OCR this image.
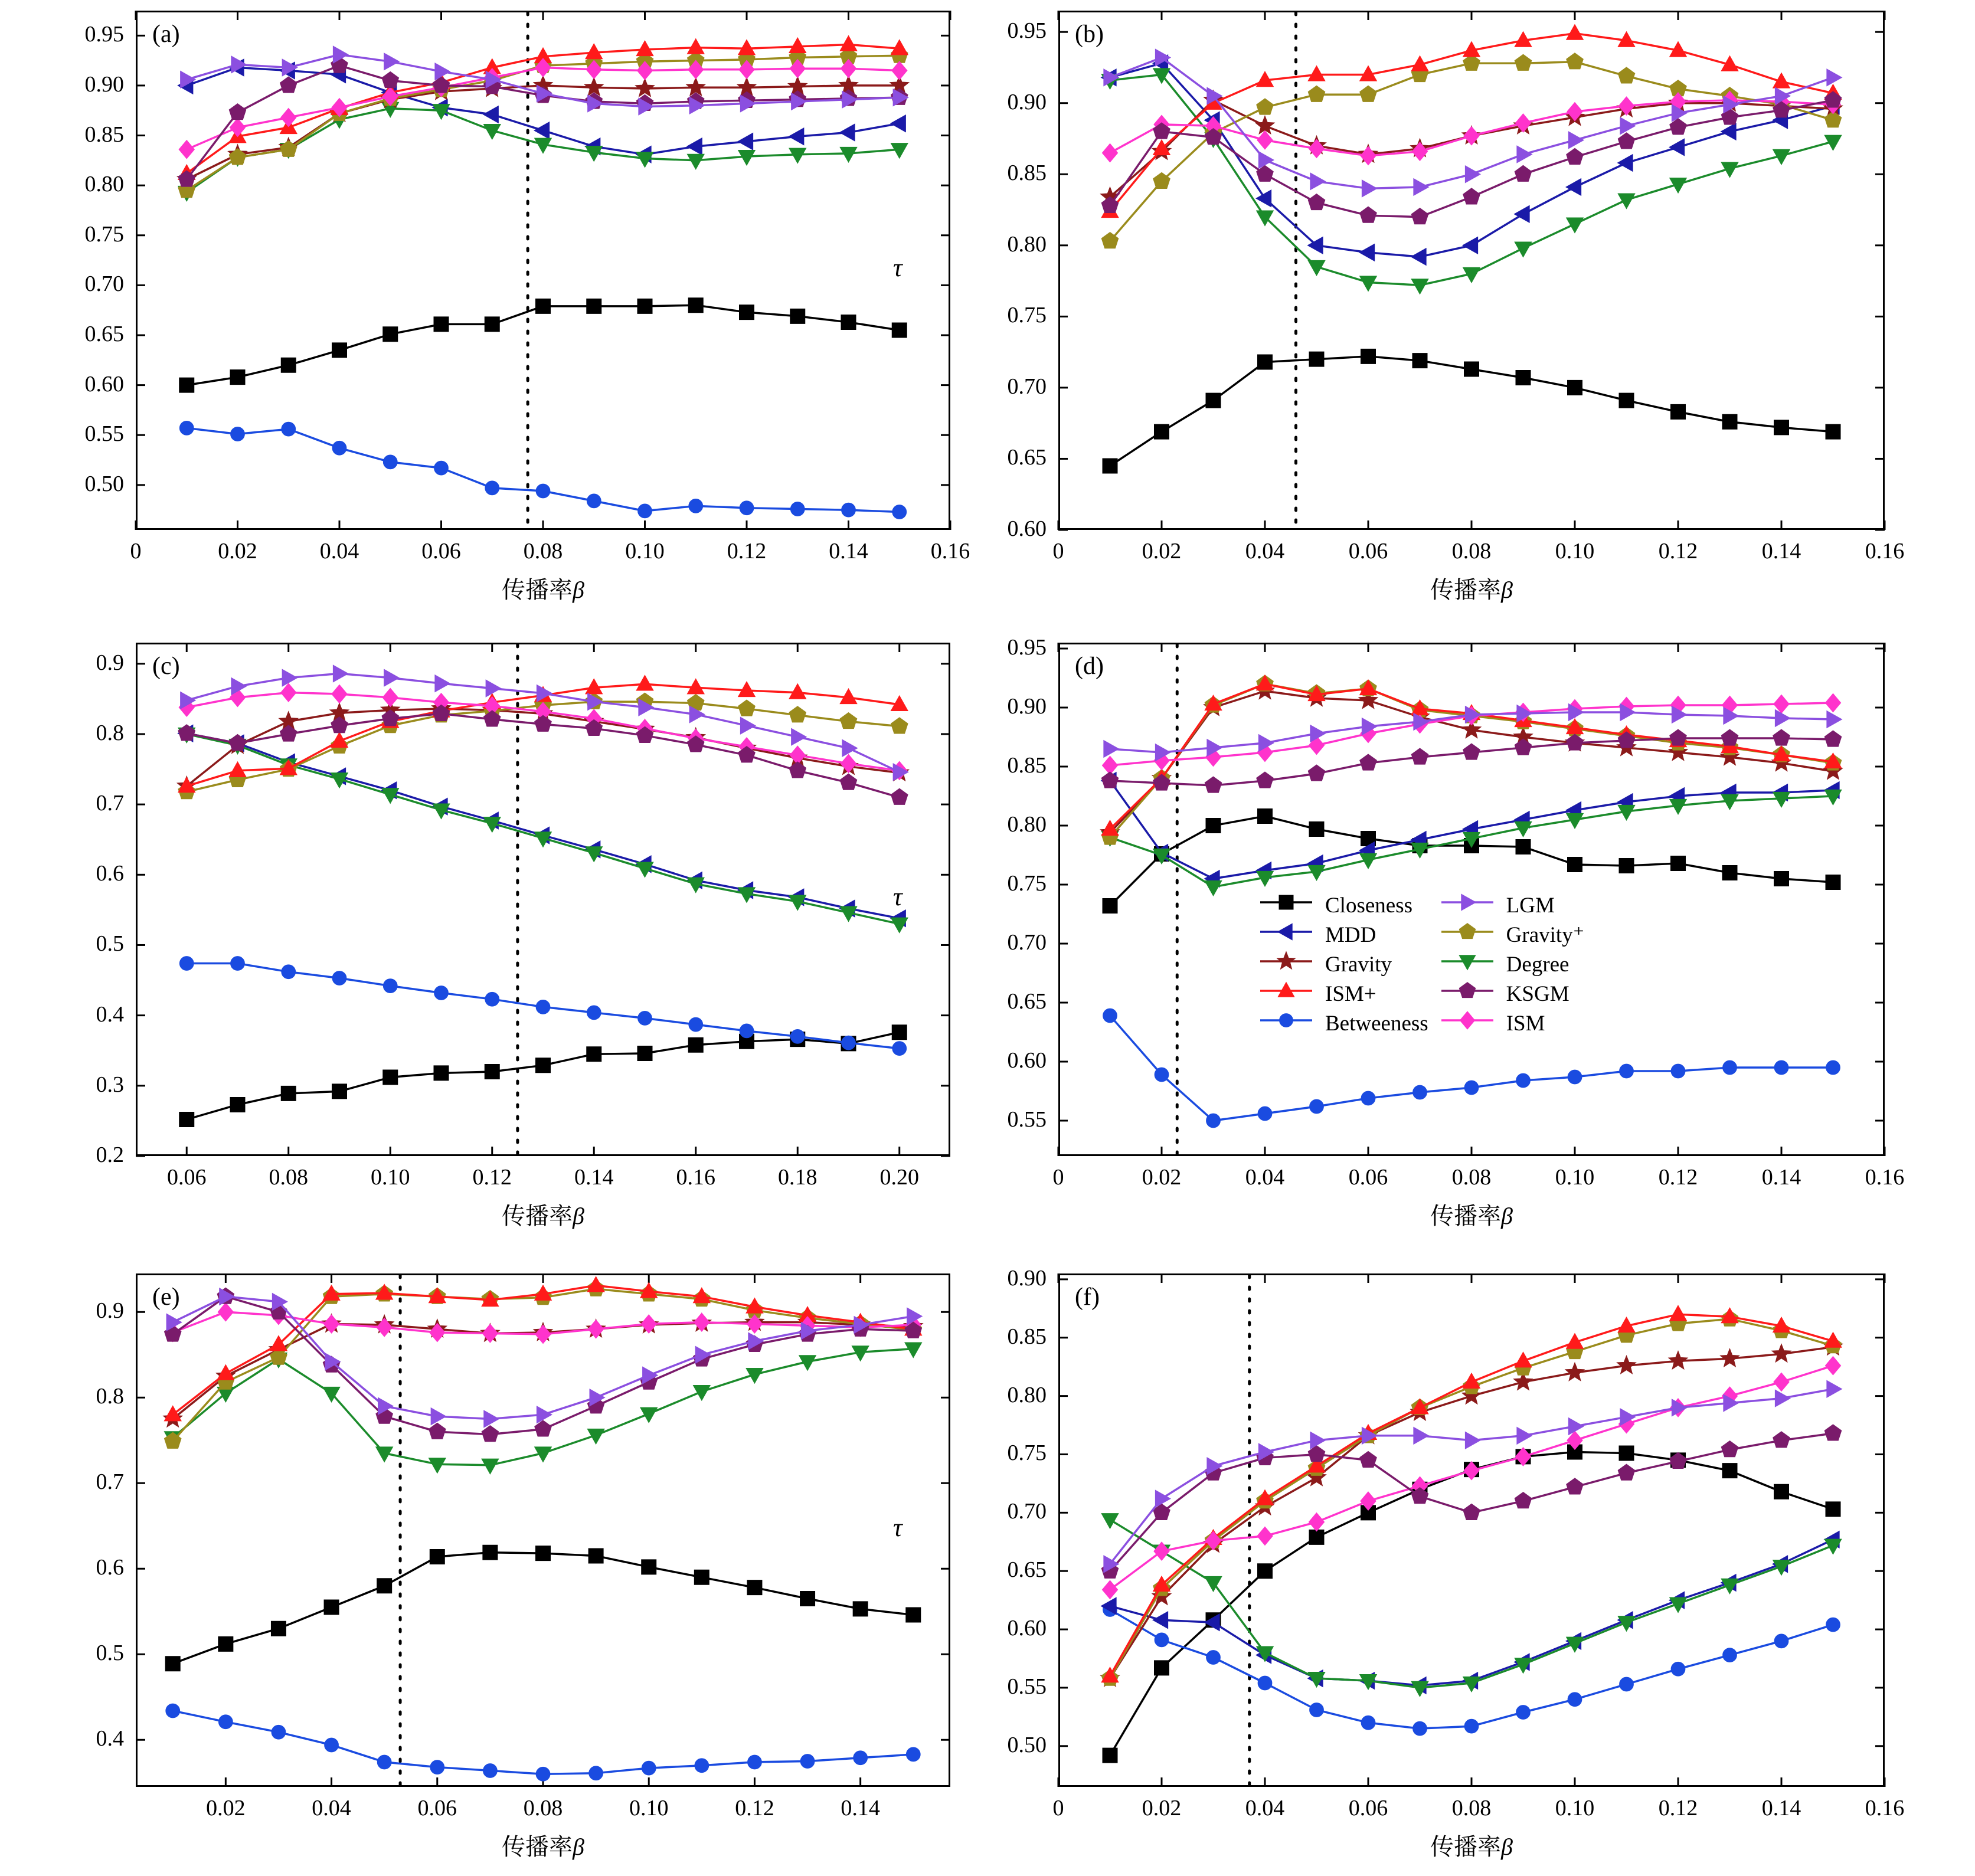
0	0.02	0.04	0.06	0.08	0.10	0.12	0.14	0.16
0.50
0.55
0.60
0.65
0.70
0.75
0.80
0.85
0.90
0.95 (a)
传播率β
0	0.02	0.04	0.06	0.08	0.10	0.12	0.14	0.16
0.60
0.65
0.70
0.75
0.80
0.85
0.90
0.95 (b)
τ
传播率β
0.06	0.08	0.10	0.12	0.14	0.16	0.18	0.20
0.2
0.3
0.4
0.5
0.6
0.7
0.8
0.9 (c)
传播率β
0	0.02	0.04	0.06	0.08	0.10	0.12	0.14	0.16
0.55
0.60
0.65
0.70
0.75
0.80
0.85
0.90
0.95
(d)
τ
传播率β
	Closeness		LGM
	MDD		Gravity⁺
	Gravity		Degree
	ISM+		KSGM
	Betweeness		ISM
0.02	0.04	0.06	0.08	0.10	0.12	0.14
0.4
0.5
0.6
0.7
0.8
0.9
(e)
传播率β
0	0.02	0.04	0.06	0.08	0.10	0.12	0.14	0.16
0.50
0.55
0.60
0.65
0.70
0.75
0.80
0.85
0.90
(f)
τ
传播率β
